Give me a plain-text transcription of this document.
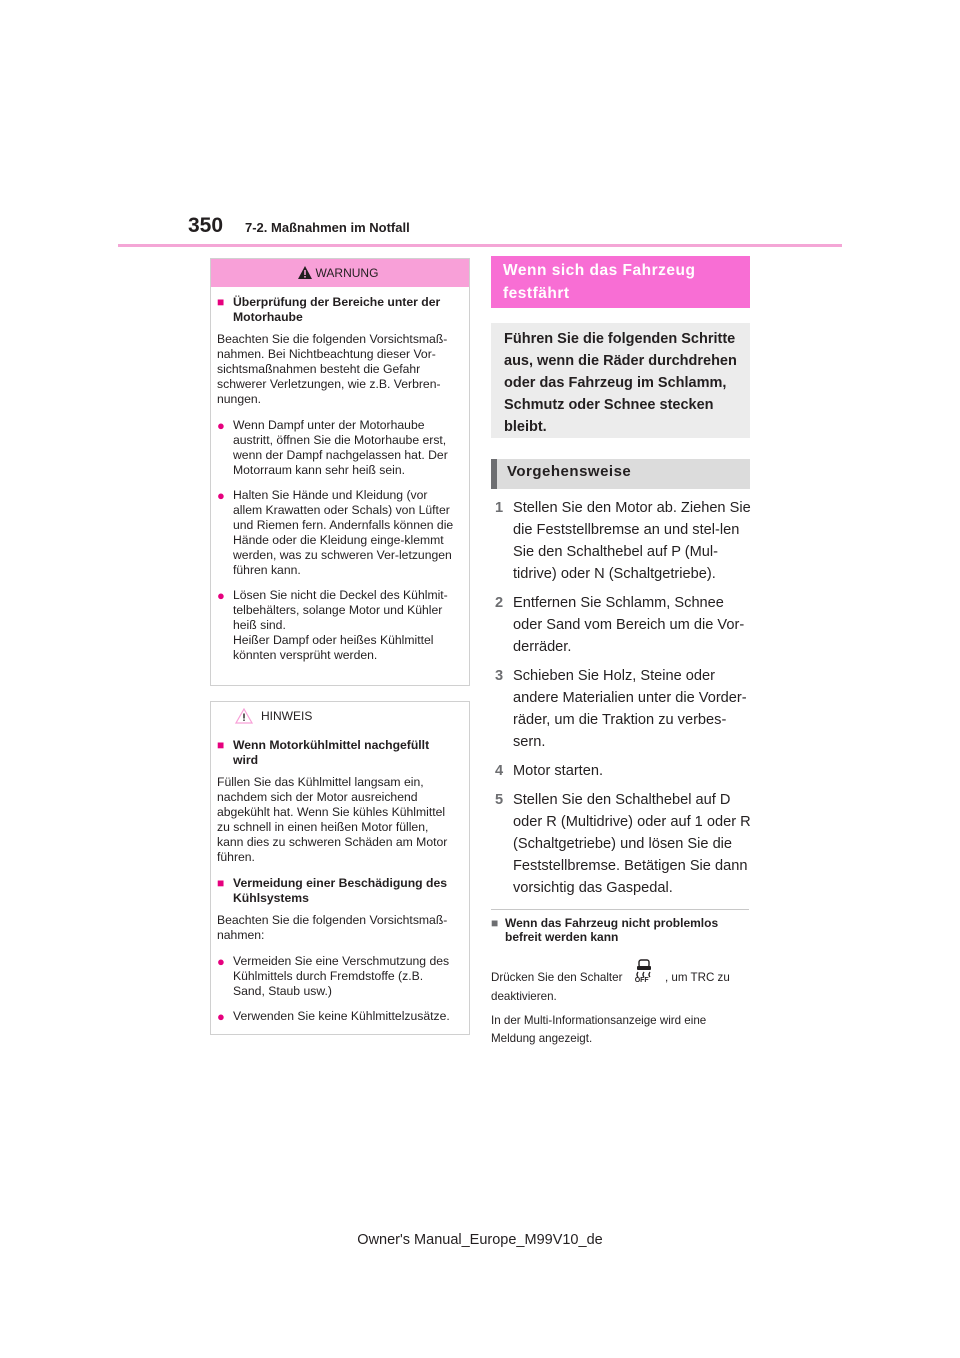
350 7-2. Maßnahmen im Notfall
WARNUNG
■ Überprüfung der Bereiche unter der Motorhaube

Beachten Sie die folgenden Vorsichtsmaß-nahmen. Bei Nichtbeachtung dieser Vor-sichtsmaßnahmen besteht die Gefahr schwerer Verletzungen, wie z.B. Verbren-nungen.

● Wenn Dampf unter der Motorhaube austritt, öffnen Sie die Motorhaube erst, wenn der Dampf nachgelassen hat. Der Motorraum kann sehr heiß sein.
● Halten Sie Hände und Kleidung (vor allem Krawatten oder Schals) von Lüfter und Riemen fern. Andernfalls können die Hände oder die Kleidung einge-klemmt werden, was zu schweren Ver-letzungen führen kann.
● Lösen Sie nicht die Deckel des Kühlmit-telbehälters, solange Motor und Kühler heiß sind.
Heißer Dampf oder heißes Kühlmittel könnten versprüht werden.
HINWEIS
■ Wenn Motorkühlmittel nachgefüllt wird

Füllen Sie das Kühlmittel langsam ein, nachdem sich der Motor ausreichend abgekühlt hat. Wenn Sie kühles Kühlmittel zu schnell in einen heißen Motor füllen, kann dies zu schweren Schäden am Motor führen.

■ Vermeidung einer Beschädigung des Kühlsystems

Beachten Sie die folgenden Vorsichtsmaß-nahmen:

● Vermeiden Sie eine Verschmutzung des Kühlmittels durch Fremdstoffe (z.B. Sand, Staub usw.)
● Verwenden Sie keine Kühlmittelzusätze.
Wenn sich das Fahrzeug festfährt
Führen Sie die folgenden Schritte aus, wenn die Räder durchdrehen oder das Fahrzeug im Schlamm, Schmutz oder Schnee stecken bleibt.
Vorgehensweise
1 Stellen Sie den Motor ab. Ziehen Sie die Feststellbremse an und stel-len Sie den Schalthebel auf P (Mul-tidrive) oder N (Schaltgetriebe).
2 Entfernen Sie Schlamm, Schnee oder Sand vom Bereich um die Vor-derräder.
3 Schieben Sie Holz, Steine oder andere Materialien unter die Vorder-räder, um die Traktion zu verbes-sern.
4 Motor starten.
5 Stellen Sie den Schalthebel auf D oder R (Multidrive) oder auf 1 oder R (Schaltgetriebe) und lösen Sie die Feststellbremse. Betätigen Sie dann vorsichtig das Gaspedal.
■ Wenn das Fahrzeug nicht problemlos befreit werden kann
Drücken Sie den Schalter OFF , um TRC zu
deaktivieren.
In der Multi-Informationsanzeige wird eine Meldung angezeigt.
Owner's Manual_Europe_M99V10_de
